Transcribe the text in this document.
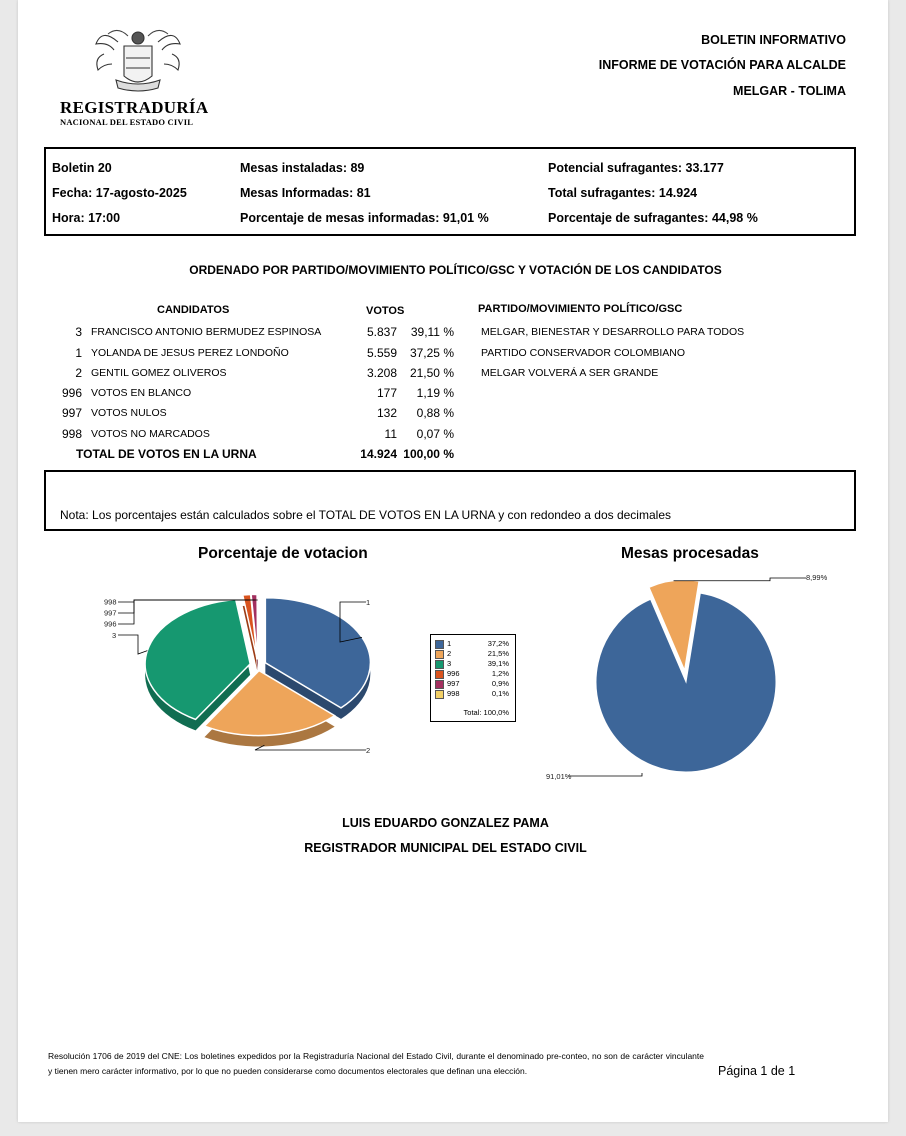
REGISTRADURÍA
NACIONAL DEL ESTADO CIVIL
BOLETIN INFORMATIVO
INFORME DE VOTACIÓN PARA ALCALDE
MELGAR - TOLIMA
Boletin 20
Fecha: 17-agosto-2025
Hora: 17:00
Mesas instaladas: 89
Mesas Informadas: 81
Porcentaje de mesas informadas: 91,01 %
Potencial sufragantes: 33.177
Total sufragantes: 14.924
Porcentaje de sufragantes: 44,98 %
ORDENADO POR PARTIDO/MOVIMIENTO POLÍTICO/GSC Y VOTACIÓN DE LOS CANDIDATOS
CANDIDATOS	VOTOS	PARTIDO/MOVIMIENTO POLÍTICO/GSC
3 FRANCISCO ANTONIO BERMUDEZ ESPINOSA	5.837 39,11 %	MELGAR, BIENESTAR Y DESARROLLO PARA TODOS
1 YOLANDA DE JESUS PEREZ LONDOÑO	5.559 37,25 %	PARTIDO CONSERVADOR COLOMBIANO
2 GENTIL GOMEZ OLIVEROS	3.208 21,50 %	MELGAR VOLVERÁ A SER GRANDE
996 VOTOS EN BLANCO	177 1,19 %
997 VOTOS NULOS	132 0,88 %
998 VOTOS NO MARCADOS	11 0,07 %
TOTAL DE VOTOS EN LA URNA	14.924 100,00 %
Nota: Los porcentajes están calculados sobre el TOTAL DE VOTOS EN LA URNA y con redondeo a dos decimales
Porcentaje de votacion	Mesas procesadas
1
2
3
998
997
996
1	37,2%
2	21,5%
3	39,1%
996	1,2%
997	0,9%
998	0,1%
Total: 100,0%
8,99%
91,01%
LUIS EDUARDO GONZALEZ PAMA
REGISTRADOR MUNICIPAL DEL ESTADO CIVIL
Resolución 1706 de 2019 del CNE: Los boletines expedidos por la Registraduría Nacional del Estado Civil, durante el denominado pre-conteo, no son de carácter vinculante y tienen mero carácter informativo, por lo que no pueden considerarse como documentos electorales que definan una elección.	Página 1 de 1
